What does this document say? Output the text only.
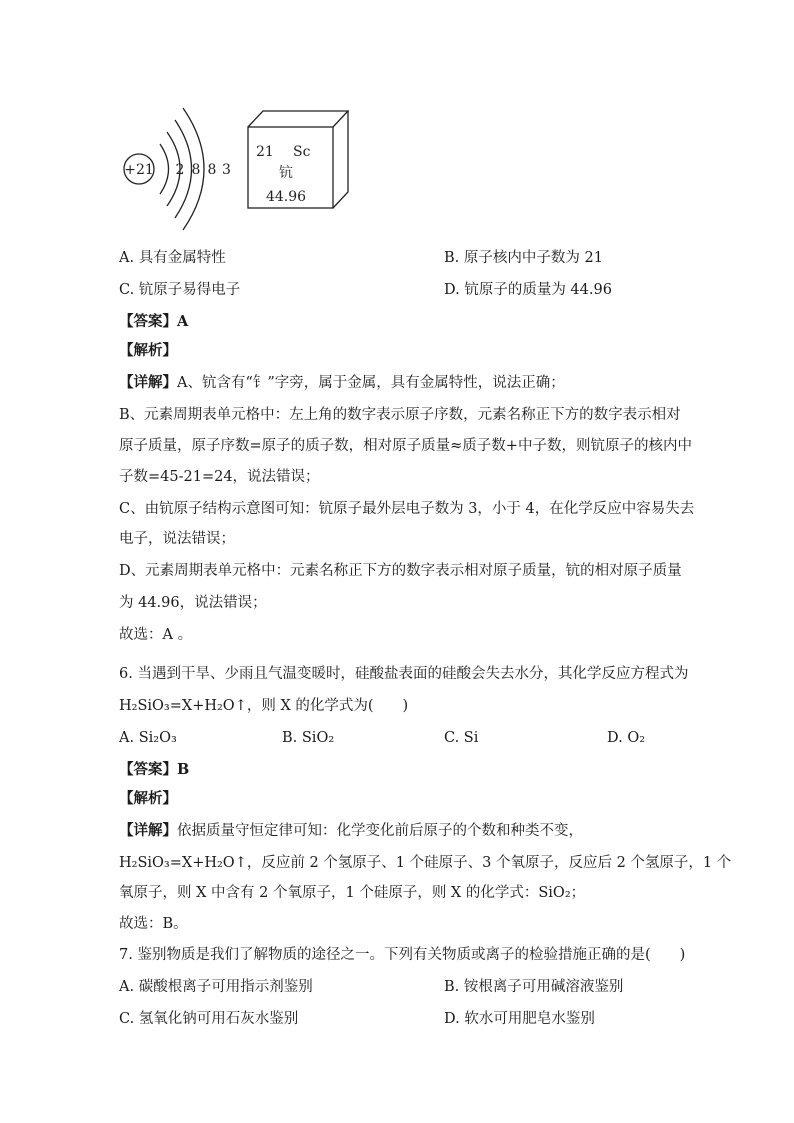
+21 2 8 8 3
21 Sc
钪
44.96
A. 具有金属特性	B. 原子核内中子数为 21
C. 钪原子易得电子	D. 钪原子的质量为 44.96
【答案】A
【解析】
【详解】A、钪含有“钅”字旁，属于金属，具有金属特性，说法正确；
B、元素周期表单元格中：左上角的数字表示原子序数，元素名称正下方的数字表示相对
原子质量，原子序数=原子的质子数，相对原子质量≈质子数+中子数，则钪原子的核内中
子数=45-21=24，说法错误；
C、由钪原子结构示意图可知：钪原子最外层电子数为 3，小于 4，在化学反应中容易失去
电子，说法错误；
D、元素周期表单元格中：元素名称正下方的数字表示相对原子质量，钪的相对原子质量
为 44.96，说法错误；
故选：A 。
6. 当遇到干旱、少雨且气温变暖时，硅酸盐表面的硅酸会失去水分，其化学反应方程式为
H₂SiO₃=X+H₂O↑，则 X 的化学式为(　　)
A. Si₂O₃	B. SiO₂	C. Si	D. O₂
【答案】B
【解析】
【详解】依据质量守恒定律可知：化学变化前后原子的个数和种类不变，
H₂SiO₃=X+H₂O↑，反应前 2 个氢原子、1 个硅原子、3 个氧原子，反应后 2 个氢原子，1 个
氧原子，则 X 中含有 2 个氧原子，1 个硅原子，则 X 的化学式：SiO₂；
故选：B。
7. 鉴别物质是我们了解物质的途径之一。下列有关物质或离子的检验措施正确的是(　　)
A. 碳酸根离子可用指示剂鉴别	B. 铵根离子可用碱溶液鉴别
C. 氢氧化钠可用石灰水鉴别	D. 软水可用肥皂水鉴别
